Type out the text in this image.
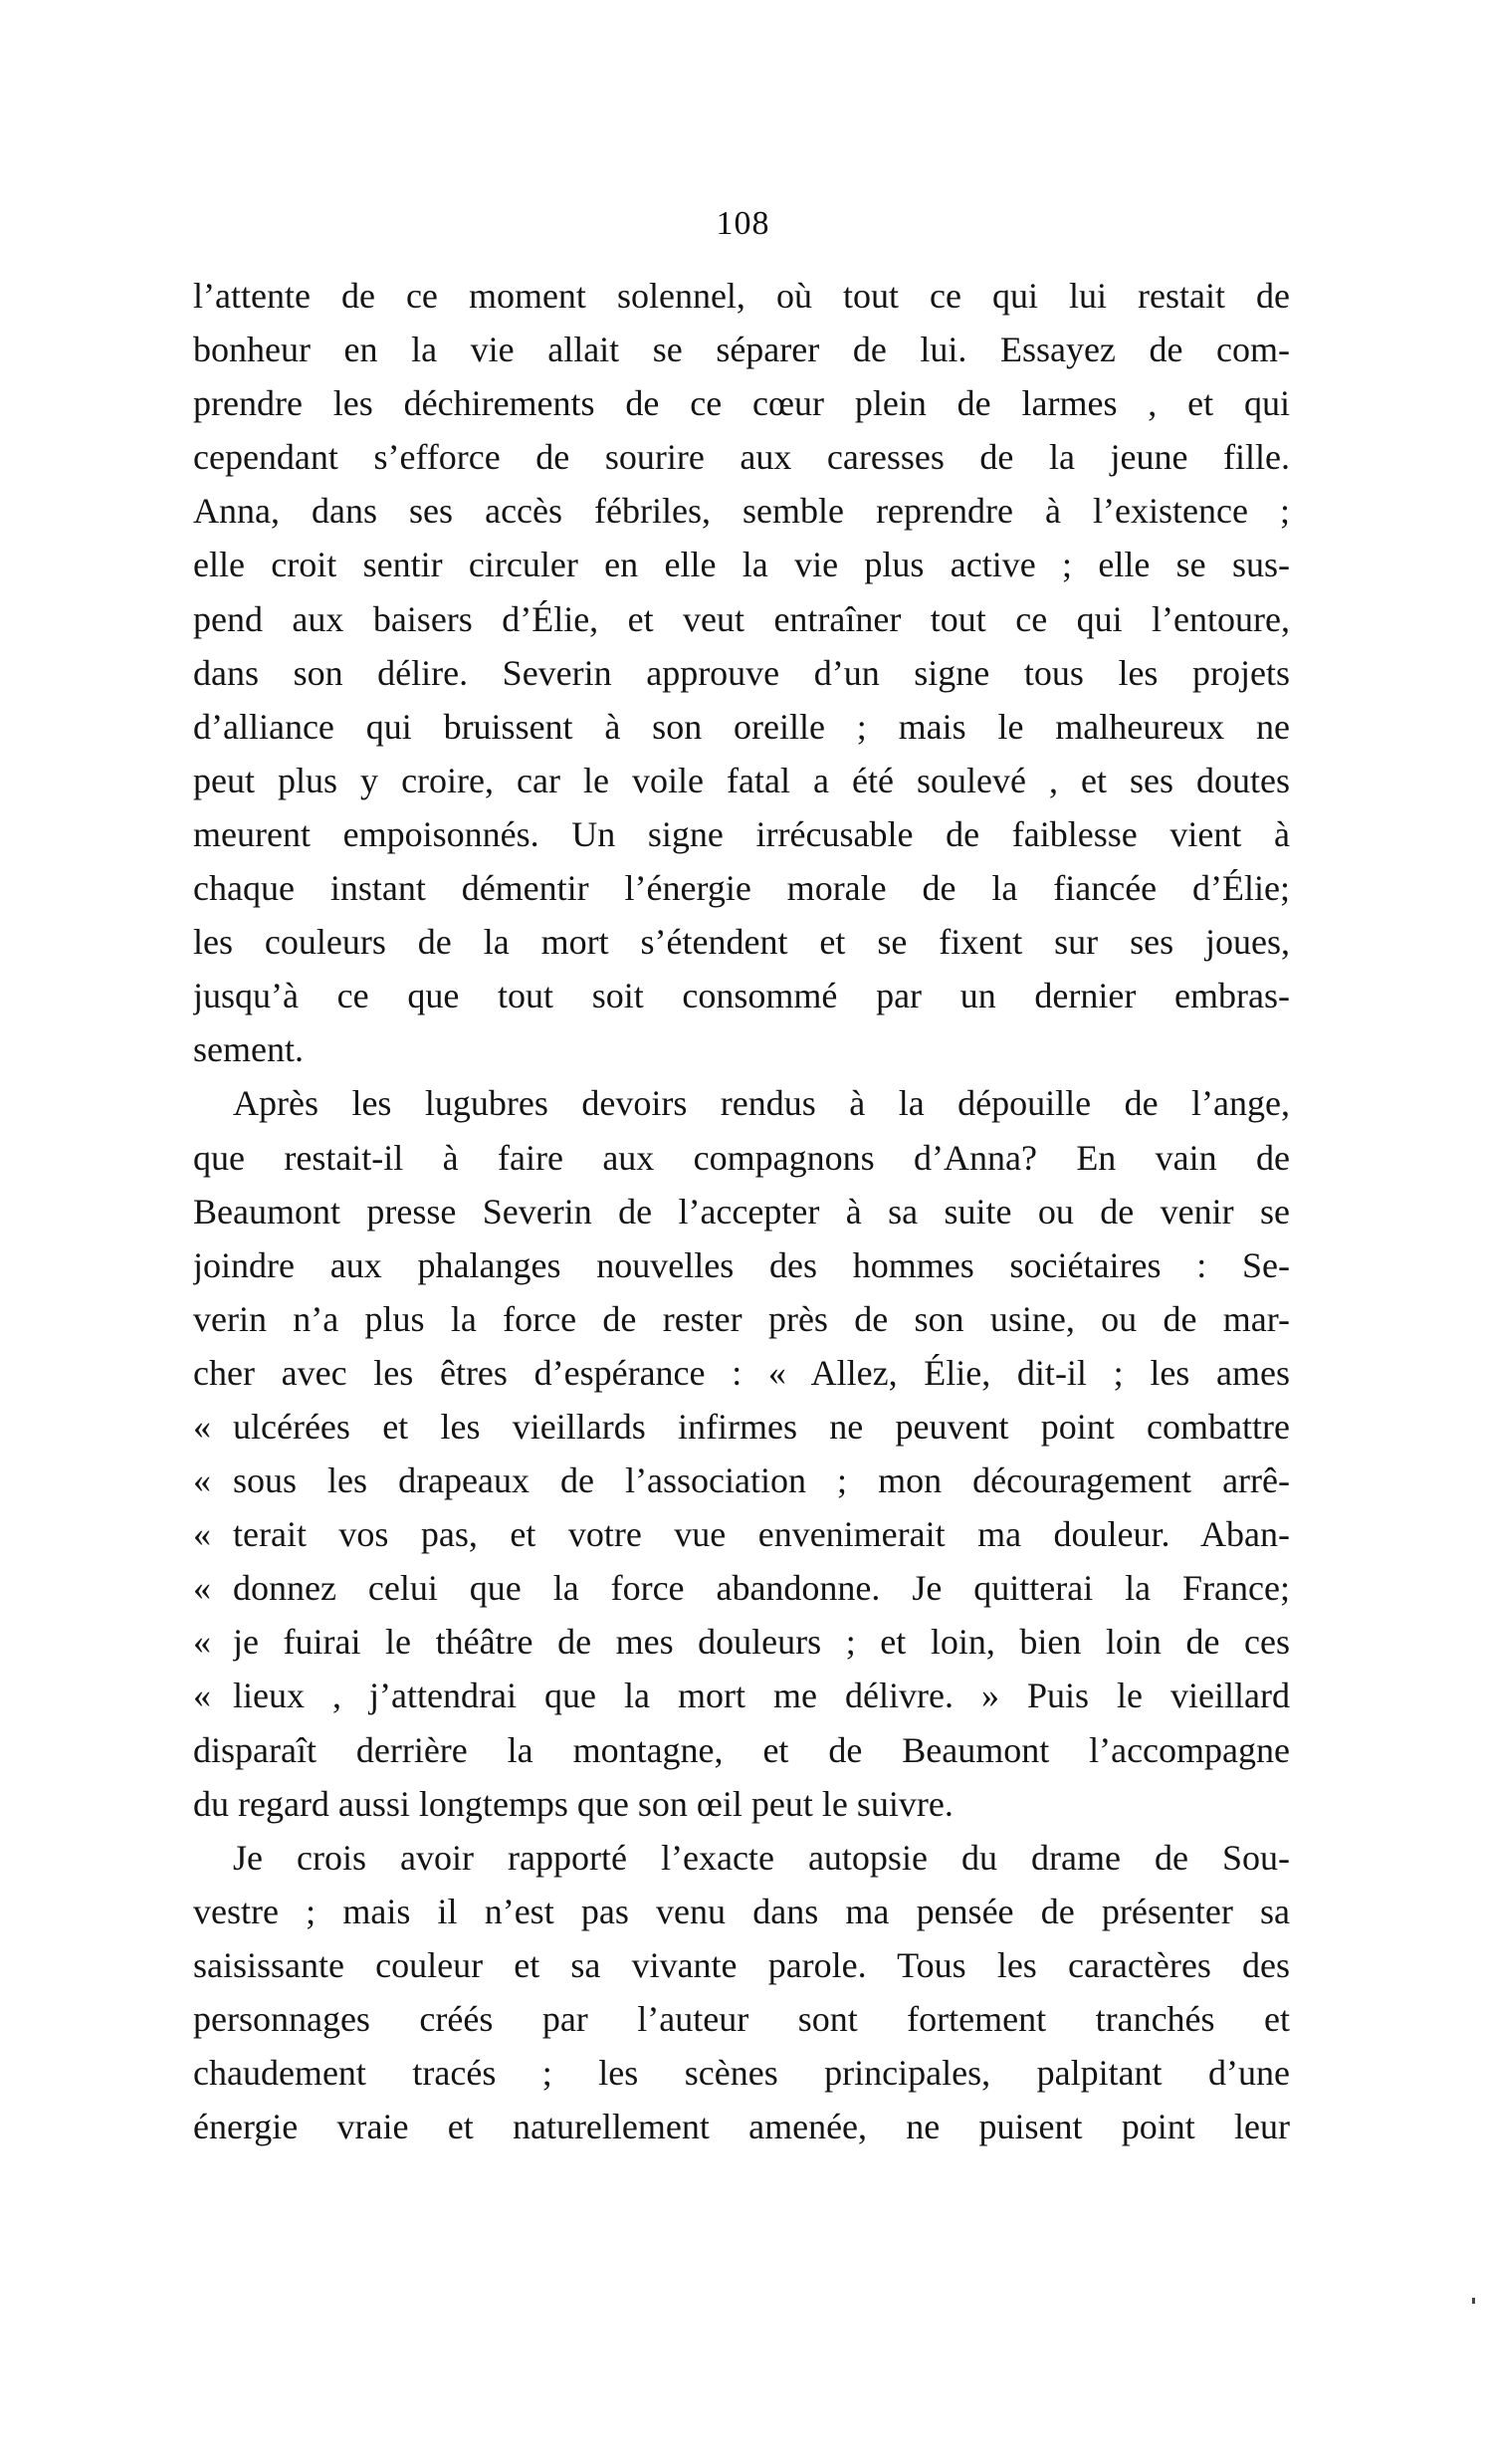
108
l’attente de ce moment solennel, où tout ce qui lui restait de
bonheur en la vie allait se séparer de lui. Essayez de com-
prendre les déchirements de ce cœur plein de larmes , et qui
cependant s’efforce de sourire aux caresses de la jeune fille.
Anna, dans ses accès fébriles, semble reprendre à l’existence ;
elle croit sentir circuler en elle la vie plus active ; elle se sus-
pend aux baisers d’Élie, et veut entraîner tout ce qui l’entoure,
dans son délire. Severin approuve d’un signe tous les projets
d’alliance qui bruissent à son oreille ; mais le malheureux ne
peut plus y croire, car le voile fatal a été soulevé , et ses doutes
meurent empoisonnés. Un signe irrécusable de faiblesse vient à
chaque instant démentir l’énergie morale de la fiancée d’Élie;
les couleurs de la mort s’étendent et se fixent sur ses joues,
jusqu’à ce que tout soit consommé par un dernier embras-
sement.
Après les lugubres devoirs rendus à la dépouille de l’ange,
que restait-il à faire aux compagnons d’Anna? En vain de
Beaumont presse Severin de l’accepter à sa suite ou de venir se
joindre aux phalanges nouvelles des hommes sociétaires : Se-
verin n’a plus la force de rester près de son usine, ou de mar-
cher avec les êtres d’espérance : « Allez, Élie, dit-il ; les ames
« ulcérées et les vieillards infirmes ne peuvent point combattre
« sous les drapeaux de l’association ; mon découragement arrê-
« terait vos pas, et votre vue envenimerait ma douleur. Aban-
« donnez celui que la force abandonne. Je quitterai la France;
« je fuirai le théâtre de mes douleurs ; et loin, bien loin de ces
« lieux , j’attendrai que la mort me délivre. » Puis le vieillard
disparaît derrière la montagne, et de Beaumont l’accompagne
du regard aussi longtemps que son œil peut le suivre.
Je crois avoir rapporté l’exacte autopsie du drame de Sou-
vestre ; mais il n’est pas venu dans ma pensée de présenter sa
saisissante couleur et sa vivante parole. Tous les caractères des
personnages créés par l’auteur sont fortement tranchés et
chaudement tracés ; les scènes principales, palpitant d’une
énergie vraie et naturellement amenée, ne puisent point leur
